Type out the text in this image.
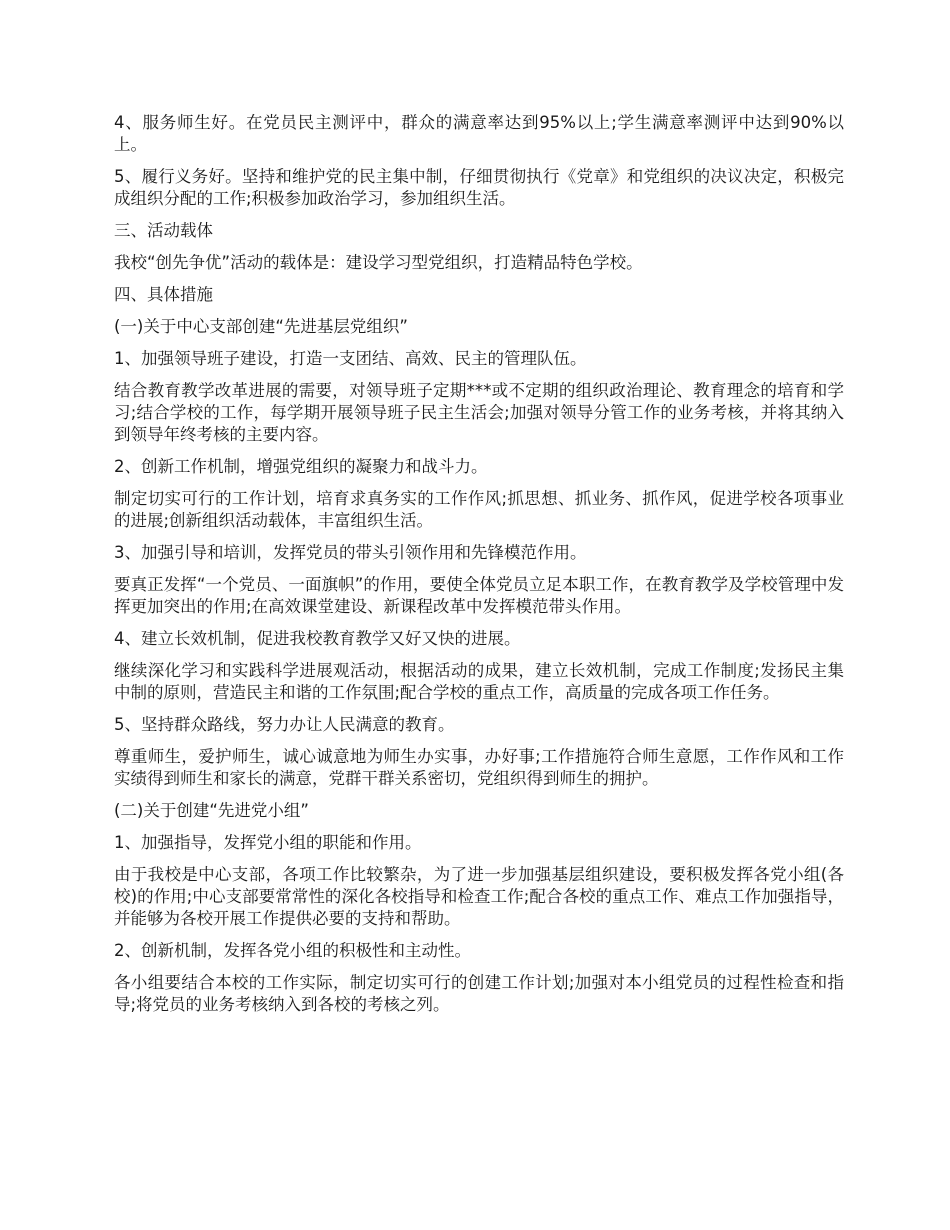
4、服务师生好。在党员民主测评中，群众的满意率达到95%以上;学生满意率测评中达到90%以上。

5、履行义务好。坚持和维护党的民主集中制，仔细贯彻执行《党章》和党组织的决议决定，积极完成组织分配的工作;积极参加政治学习，参加组织生活。

三、活动载体

我校“创先争优”活动的载体是：建设学习型党组织，打造精品特色学校。

四、具体措施

(一)关于中心支部创建“先进基层党组织”

1、加强领导班子建设，打造一支团结、高效、民主的管理队伍。

结合教育教学改革进展的需要，对领导班子定期***或不定期的组织政治理论、教育理念的培育和学习;结合学校的工作，每学期开展领导班子民主生活会;加强对领导分管工作的业务考核，并将其纳入到领导年终考核的主要内容。

2、创新工作机制，增强党组织的凝聚力和战斗力。

制定切实可行的工作计划，培育求真务实的工作作风;抓思想、抓业务、抓作风，促进学校各项事业的进展;创新组织活动载体，丰富组织生活。

3、加强引导和培训，发挥党员的带头引领作用和先锋模范作用。

要真正发挥“一个党员、一面旗帜”的作用，要使全体党员立足本职工作，在教育教学及学校管理中发挥更加突出的作用;在高效课堂建设、新课程改革中发挥模范带头作用。

4、建立长效机制，促进我校教育教学又好又快的进展。

继续深化学习和实践科学进展观活动，根据活动的成果，建立长效机制，完成工作制度;发扬民主集中制的原则，营造民主和谐的工作氛围;配合学校的重点工作，高质量的完成各项工作任务。

5、坚持群众路线，努力办让人民满意的教育。

尊重师生，爱护师生，诚心诚意地为师生办实事，办好事;工作措施符合师生意愿，工作作风和工作实绩得到师生和家长的满意，党群干群关系密切，党组织得到师生的拥护。

(二)关于创建“先进党小组”

1、加强指导，发挥党小组的职能和作用。

由于我校是中心支部，各项工作比较繁杂，为了进一步加强基层组织建设，要积极发挥各党小组(各校)的作用;中心支部要常常性的深化各校指导和检查工作;配合各校的重点工作、难点工作加强指导，并能够为各校开展工作提供必要的支持和帮助。

2、创新机制，发挥各党小组的积极性和主动性。

各小组要结合本校的工作实际，制定切实可行的创建工作计划;加强对本小组党员的过程性检查和指导;将党员的业务考核纳入到各校的考核之列。
